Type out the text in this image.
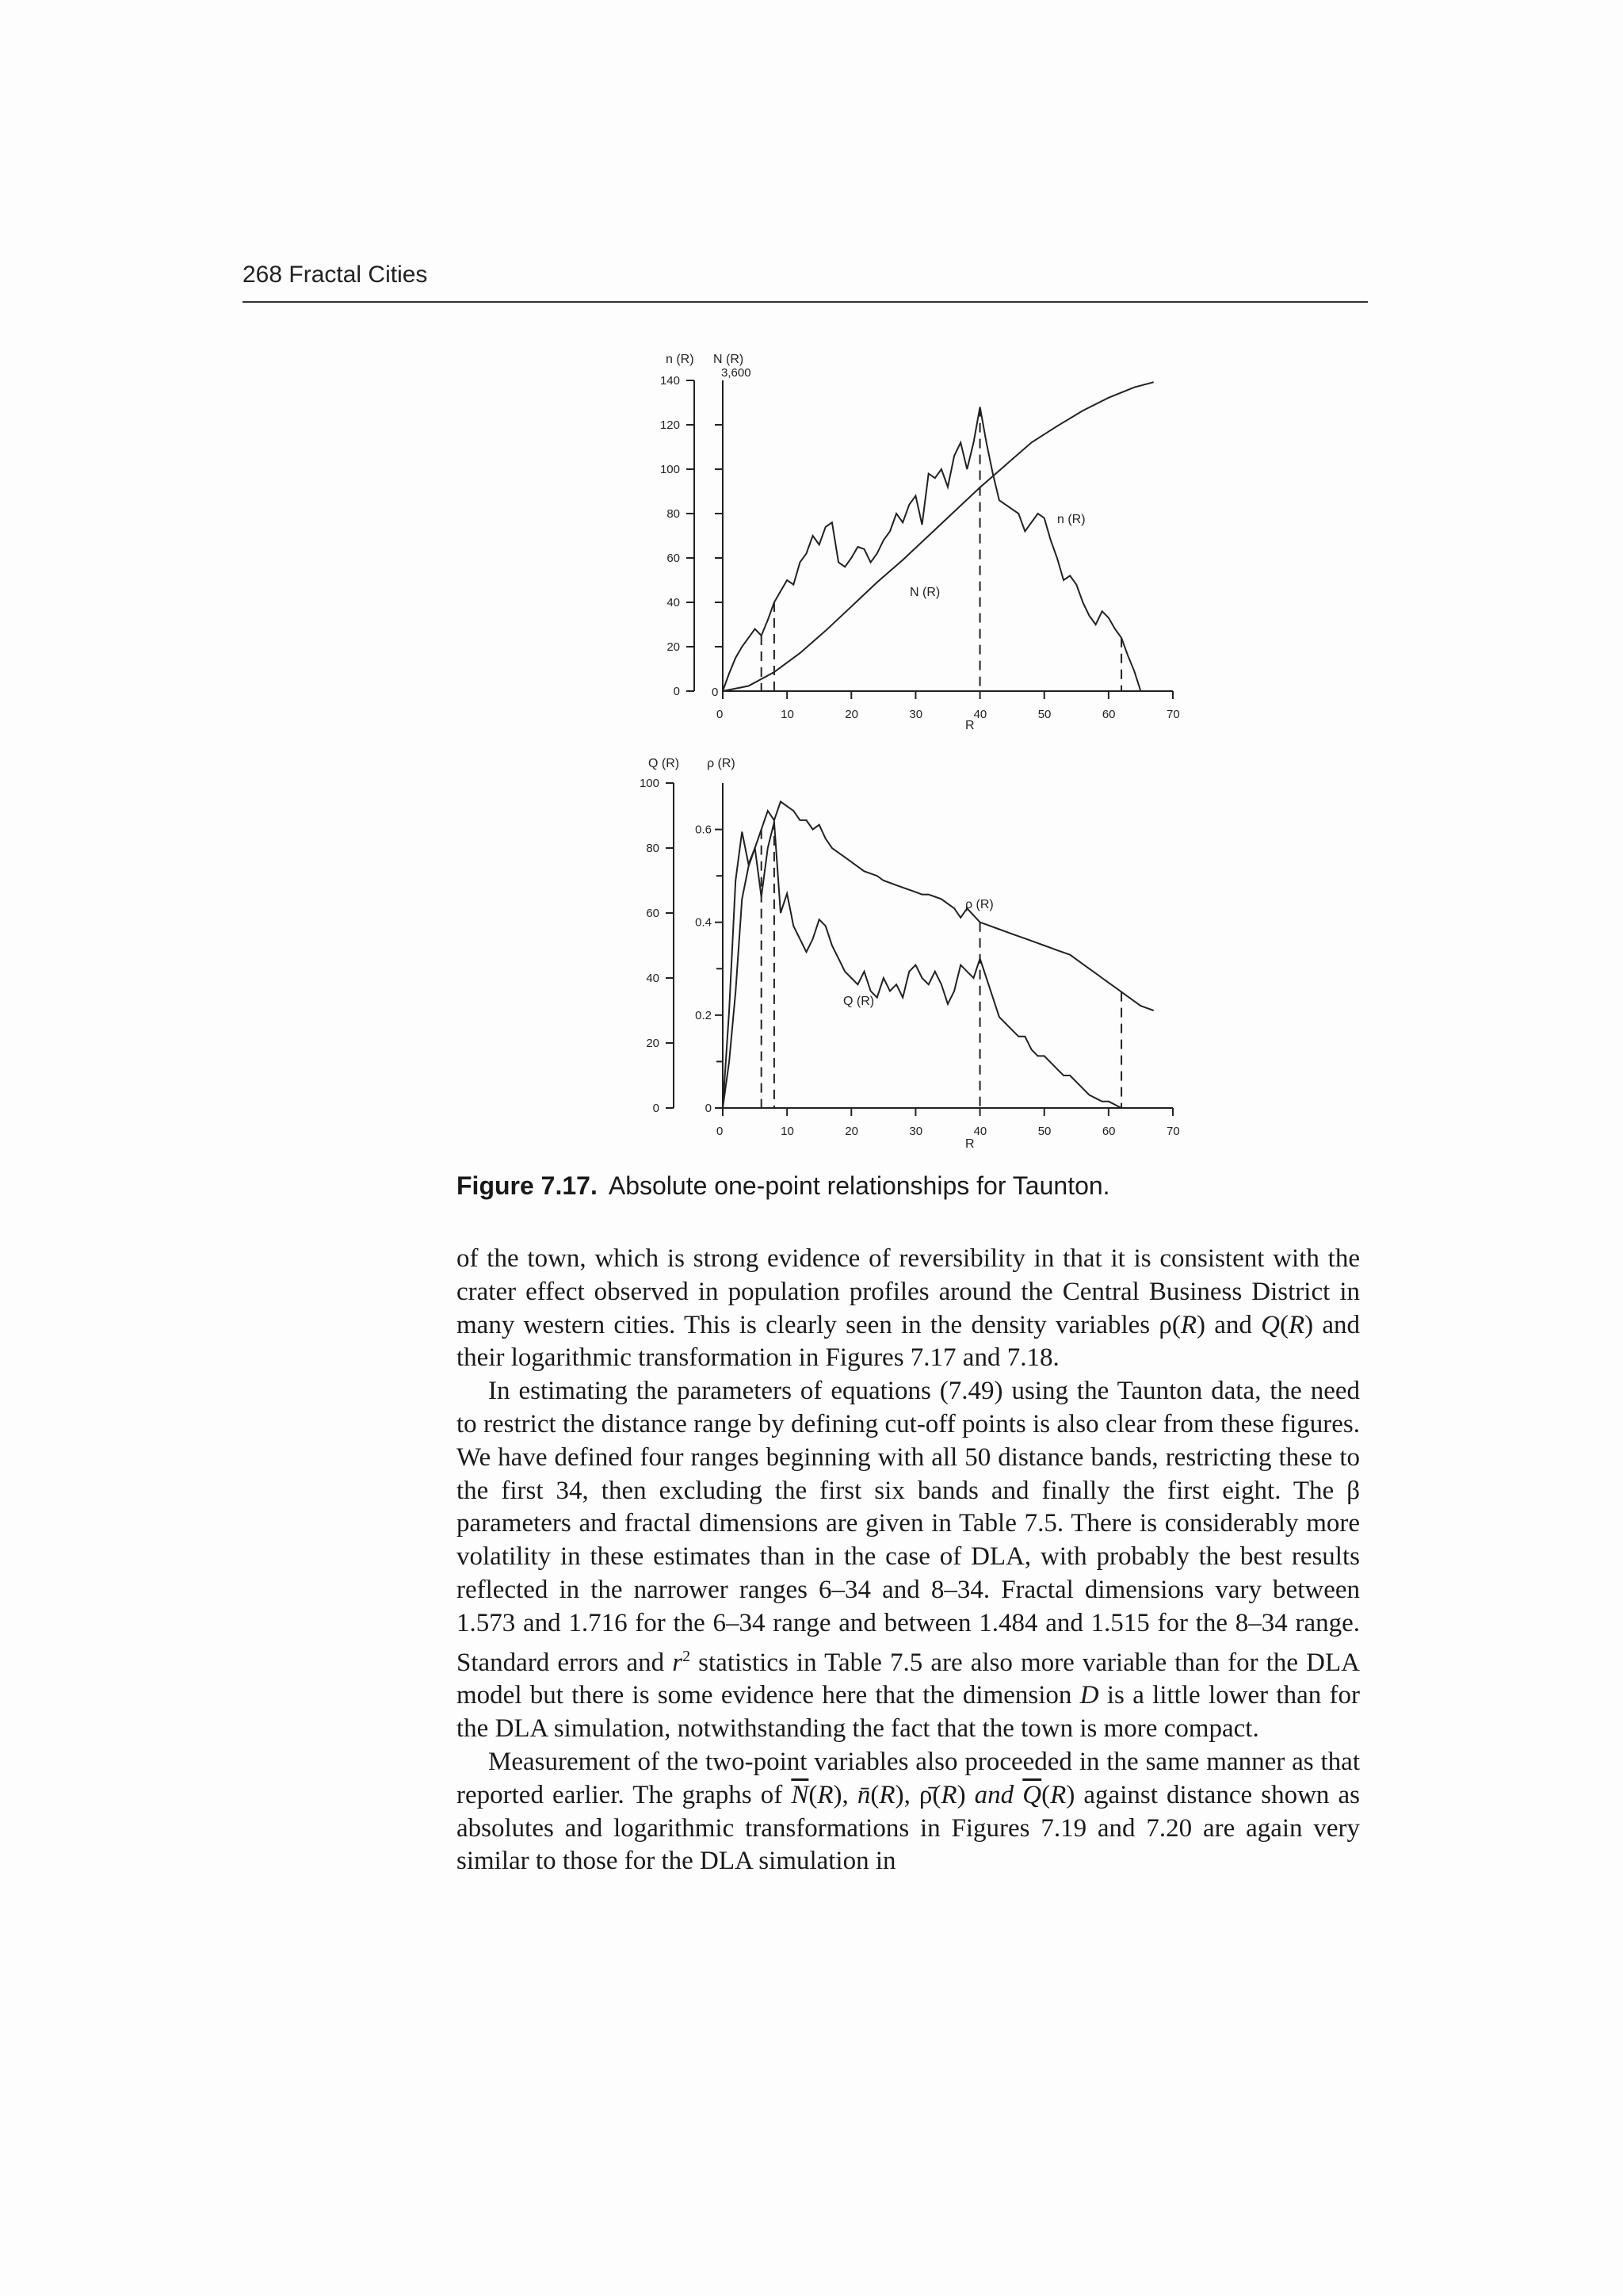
268 Fractal Cities
n (R) N (R)
3,600
140
120
100
80
60
40
20
0	0
0	10	20	30	40	50	60	70
R
n (R)
N (R)
Q (R) ρ (R)
100
80
60
40
20
0
0.6
0.4
0.2
0
0	10	20	30	40	50	60	70
R
ρ (R)
Q (R)
Figure 7.17. Absolute one-point relationships for Taunton.

of the town, which is strong evidence of reversibility in that it is consistent with the crater effect observed in population profiles around the Central Business District in many western cities. This is clearly seen in the density variables ρ(R) and Q(R) and their logarithmic transformation in Figures 7.17 and 7.18.

In estimating the parameters of equations (7.49) using the Taunton data, the need to restrict the distance range by defining cut-off points is also clear from these figures. We have defined four ranges beginning with all 50 distance bands, restricting these to the first 34, then excluding the first six bands and finally the first eight. The β parameters and fractal dimensions are given in Table 7.5. There is considerably more volatility in these estimates than in the case of DLA, with probably the best results reflected in the narrower ranges 6–34 and 8–34. Fractal dimensions vary between 1.573 and 1.716 for the 6–34 range and between 1.484 and 1.515 for the 8–34 range. Standard errors and $r^2$ statistics in Table 7.5 are also more variable than for the DLA model but there is some evidence here that the dimension D is a little lower than for the DLA simulation, notwithstanding the fact that the town is more compact.

Measurement of the two-point variables also proceeded in the same manner as that reported earlier. The graphs of $\overline{N}(R)$, n̄(R), ρ̄(R) and $\overline{Q}(R)$ against distance shown as absolutes and logarithmic transformations in Figures 7.19 and 7.20 are again very similar to those for the DLA simulation in
